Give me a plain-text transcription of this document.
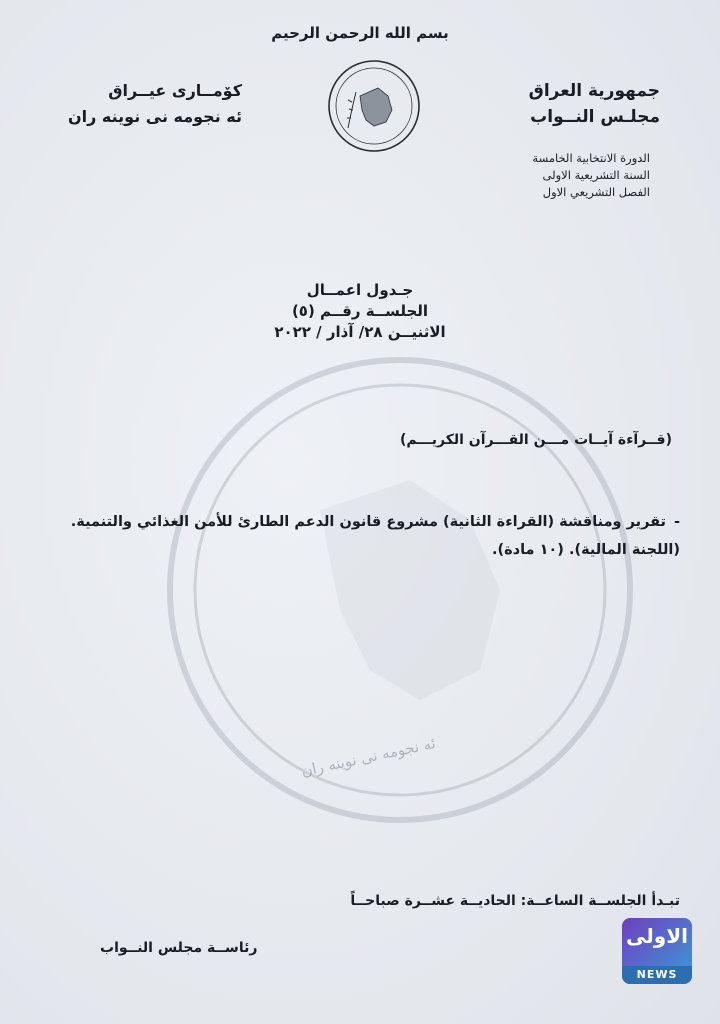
ئه نجومه نى نوينه ران
بسم الله الرحمن الرحيم
جمهورية العراق
مجلـس النــواب
كۆمــارى عيــراق
ئه نجومه نى نوينه ران
الدورة الانتخابية الخامسة
السنة التشريعية الاولى
الفصل التشريعي الاول
جـدول اعمــال
الجلســة رقــم (٥)
الاثنيــن ٢٨/ آذار / ٢٠٢٢
(قــرآءة آيــات مـــن القـــرآن الكريـــم)
-تقرير ومناقشة (القراءة الثانية) مشروع قانون الدعم الطارئ للأمن الغذائي والتنمية. (اللجنة المالية). (١٠ مادة).
تبـدأ الجلســة الساعــة: الحاديــة عشــرة صباحــاً
رئاســة مجلس النــواب	الاولى
NEWS
